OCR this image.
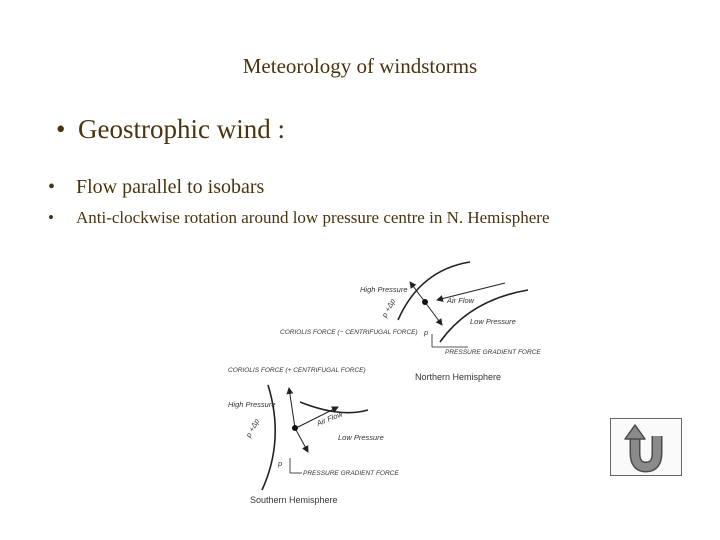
Meteorology of windstorms
• Geostrophic wind :
• Flow parallel to isobars
• Anti-clockwise rotation around low pressure centre in N. Hemisphere
High Pressure
p +Δp	Air Flow
Low Pressure
CORIOLIS FORCE (− CENTRIFUGAL FORCE) p
PRESSURE GRADIENT FORCE
Northern Hemisphere
CORIOLIS FORCE (+ CENTRIFUGAL FORCE)
High Pressure
p +Δp	Air Flow
Low Pressure
p
PRESSURE GRADIENT FORCE
Southern Hemisphere
